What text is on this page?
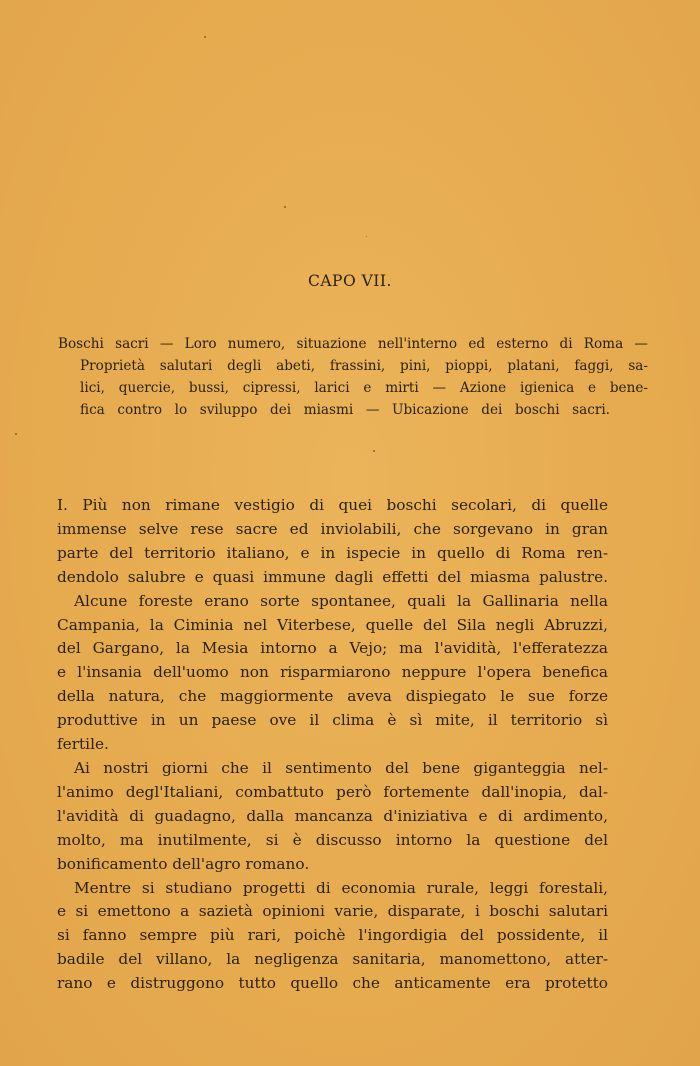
CAPO VII.
Boschi sacri — Loro numero, situazione nell'interno ed esterno di Roma —
Proprietà salutari degli abeti, frassini, pini, pioppi, platani, faggi, sa-
lici, quercie, bussi, cipressi, larici e mirti — Azione igienica e bene-
fica contro lo sviluppo dei miasmi — Ubicazione dei boschi sacri.
I. Più non rimane vestigio di quei boschi secolari, di quelle
immense selve rese sacre ed inviolabili, che sorgevano in gran
parte del territorio italiano, e in ispecie in quello di Roma ren-
dendolo salubre e quasi immune dagli effetti del miasma palustre.
Alcune foreste erano sorte spontanee, quali la Gallinaria nella
Campania, la Ciminia nel Viterbese, quelle del Sila negli Abruzzi,
del Gargano, la Mesia intorno a Vejo; ma l'avidità, l'efferatezza
e l'insania dell'uomo non risparmiarono neppure l'opera benefica
della natura, che maggiormente aveva dispiegato le sue forze
produttive in un paese ove il clima è sì mite, il territorio sì
fertile.
Ai nostri giorni che il sentimento del bene giganteggia nel-
l'animo degl'Italiani, combattuto però fortemente dall'inopia, dal-
l'avidità di guadagno, dalla mancanza d'iniziativa e di ardimento,
molto, ma inutilmente, si è discusso intorno la questione del
bonificamento dell'agro romano.
Mentre si studiano progetti di economia rurale, leggi forestali,
e si emettono a sazietà opinioni varie, disparate, i boschi salutari
si fanno sempre più rari, poichè l'ingordigia del possidente, il
badile del villano, la negligenza sanitaria, manomettono, atter-
rano e distruggono tutto quello che anticamente era protetto
